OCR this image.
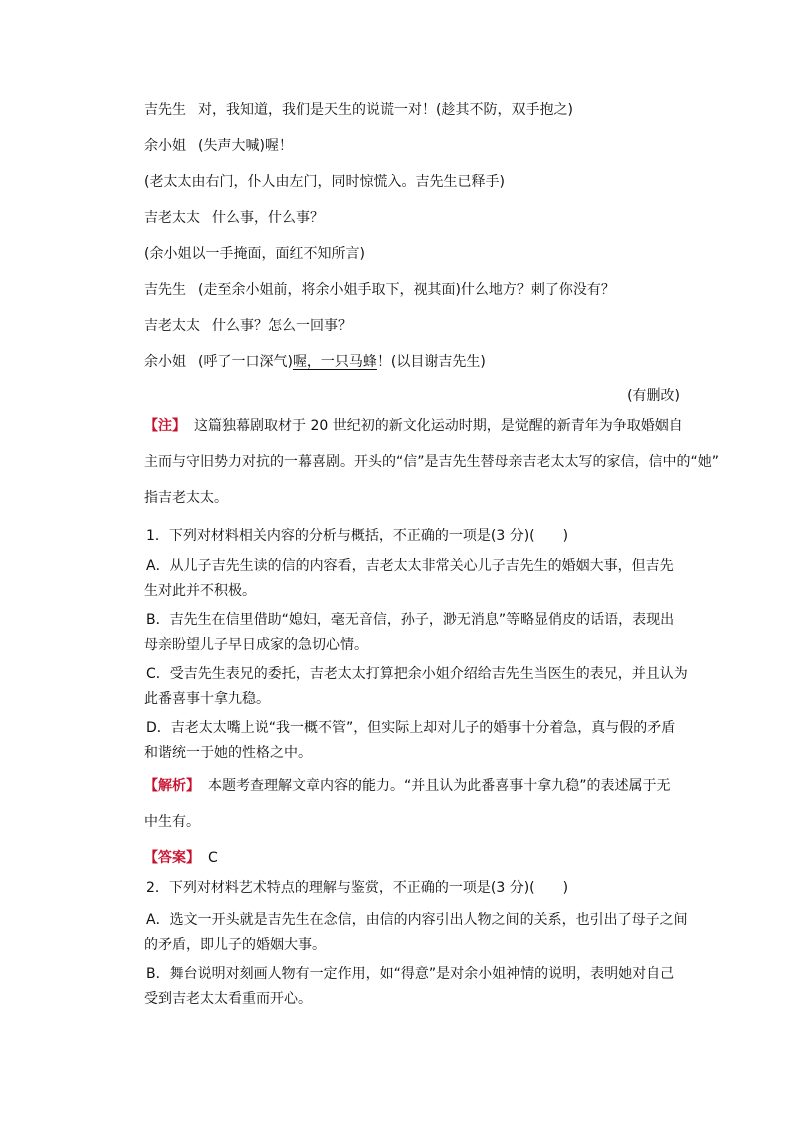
吉先生 对，我知道，我们是天生的说谎一对！(趁其不防，双手抱之)

余小姐 (失声大喊)喔！

(老太太由右门，仆人由左门，同时惊慌入。吉先生已释手)

吉老太太 什么事，什么事？

(余小姐以一手掩面，面红不知所言)

吉先生 (走至余小姐前，将余小姐手取下，视其面)什么地方？刺了你没有？

吉老太太 什么事？怎么一回事？

余小姐 (呼了一口深气)喔，一只马蜂！(以目谢吉先生)

(有删改)

【注】 这篇独幕剧取材于 20 世纪初的新文化运动时期，是觉醒的新青年为争取婚姻自

主而与守旧势力对抗的一幕喜剧。开头的“信”是吉先生替母亲吉老太太写的家信，信中的“她”

指吉老太太。

1．下列对材料相关内容的分析与概括，不正确的一项是(3 分)(　　)

A．从儿子吉先生读的信的内容看，吉老太太非常关心儿子吉先生的婚姻大事，但吉先

生对此并不积极。

B．吉先生在信里借助“媳妇，毫无音信，孙子，渺无消息”等略显俏皮的话语，表现出

母亲盼望儿子早日成家的急切心情。

C．受吉先生表兄的委托，吉老太太打算把余小姐介绍给吉先生当医生的表兄，并且认为

此番喜事十拿九稳。

D．吉老太太嘴上说“我一概不管”，但实际上却对儿子的婚事十分着急，真与假的矛盾

和谐统一于她的性格之中。

【解析】 本题考查理解文章内容的能力。“并且认为此番喜事十拿九稳”的表述属于无

中生有。

【答案】 C

2．下列对材料艺术特点的理解与鉴赏，不正确的一项是(3 分)(　　)

A．选文一开头就是吉先生在念信，由信的内容引出人物之间的关系，也引出了母子之间

的矛盾，即儿子的婚姻大事。

B．舞台说明对刻画人物有一定作用，如“得意”是对余小姐神情的说明，表明她对自己

受到吉老太太看重而开心。
